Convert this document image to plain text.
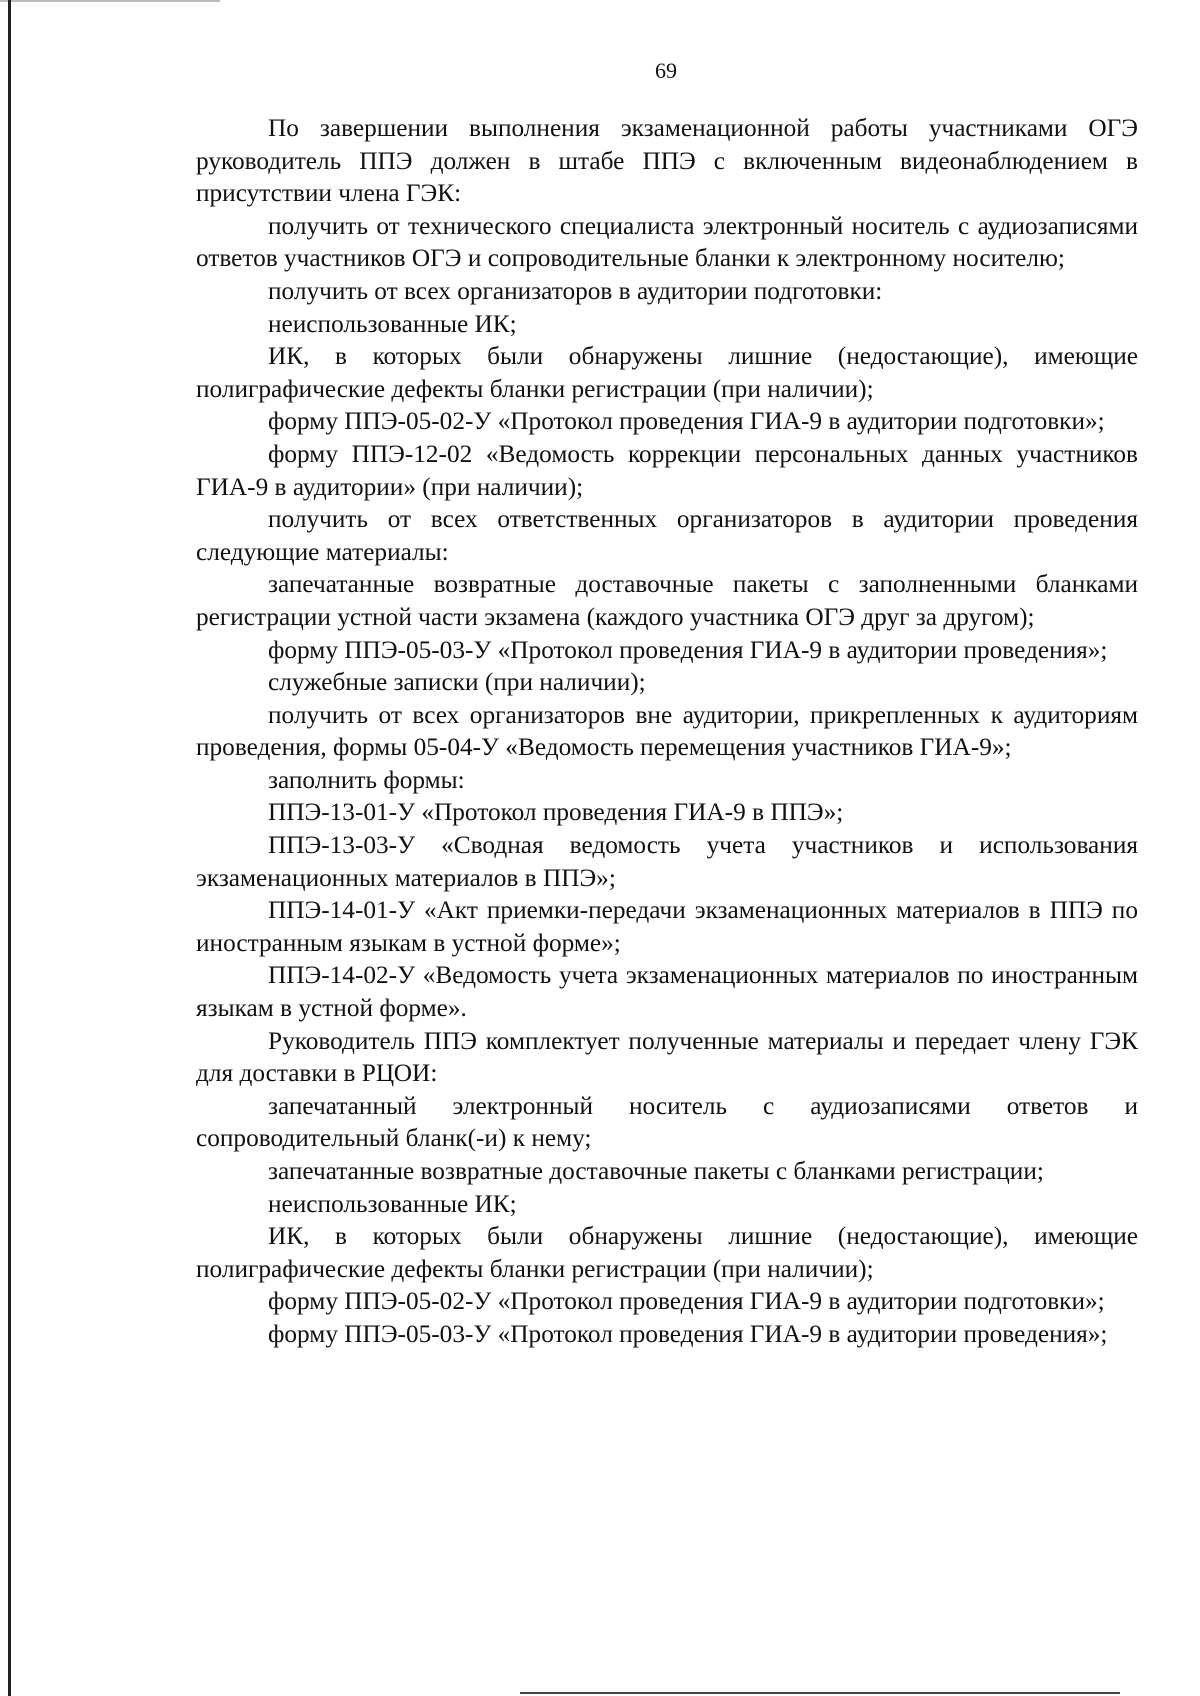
69

По завершении выполнения экзаменационной работы участниками ОГЭ руководитель ППЭ должен в штабе ППЭ с включенным видеонаблюдением в присутствии члена ГЭК:

получить от технического специалиста электронный носитель с аудиозаписями ответов участников ОГЭ и сопроводительные бланки к электронному носителю;

получить от всех организаторов в аудитории подготовки:

неиспользованные ИК;

ИК, в которых были обнаружены лишние (недостающие), имеющие полиграфические дефекты бланки регистрации (при наличии);

форму ППЭ-05-02-У «Протокол проведения ГИА-9 в аудитории подготовки»;

форму ППЭ-12-02 «Ведомость коррекции персональных данных участников ГИА-9 в аудитории» (при наличии);

получить от всех ответственных организаторов в аудитории проведения следующие материалы:

запечатанные возвратные доставочные пакеты с заполненными бланками регистрации устной части экзамена (каждого участника ОГЭ друг за другом);

форму ППЭ-05-03-У «Протокол проведения ГИА-9 в аудитории проведения»;

служебные записки (при наличии);

получить от всех организаторов вне аудитории, прикрепленных к аудиториям проведения, формы 05-04-У «Ведомость перемещения участников ГИА-9»;

заполнить формы:

ППЭ-13-01-У «Протокол проведения ГИА-9 в ППЭ»;

ППЭ-13-03-У «Сводная ведомость учета участников и использования экзаменационных материалов в ППЭ»;

ППЭ-14-01-У «Акт приемки-передачи экзаменационных материалов в ППЭ по иностранным языкам в устной форме»;

ППЭ-14-02-У «Ведомость учета экзаменационных материалов по иностранным языкам в устной форме».

Руководитель ППЭ комплектует полученные материалы и передает члену ГЭК для доставки в РЦОИ:

запечатанный электронный носитель с аудиозаписями ответов и сопроводительный бланк(-и) к нему;

запечатанные возвратные доставочные пакеты с бланками регистрации;

неиспользованные ИК;

ИК, в которых были обнаружены лишние (недостающие), имеющие полиграфические дефекты бланки регистрации (при наличии);

форму ППЭ-05-02-У «Протокол проведения ГИА-9 в аудитории подготовки»;

форму ППЭ-05-03-У «Протокол проведения ГИА-9 в аудитории проведения»;
